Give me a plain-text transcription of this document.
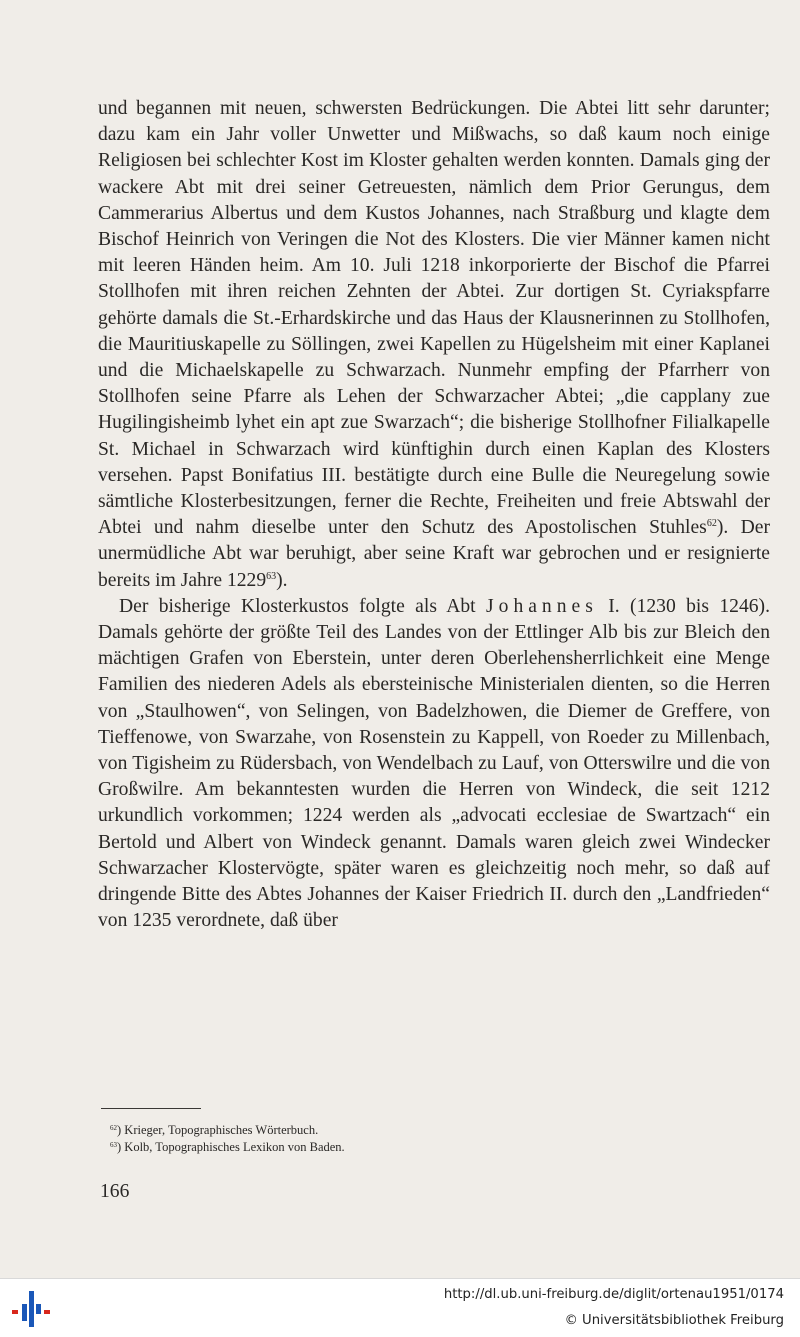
und begannen mit neuen, schwersten Bedrückungen. Die Abtei litt sehr darunter; dazu kam ein Jahr voller Unwetter und Mißwachs, so daß kaum noch einige Religiosen bei schlechter Kost im Kloster gehalten werden konnten. Damals ging der wackere Abt mit drei seiner Getreuesten, nämlich dem Prior Gerungus, dem Cammerarius Albertus und dem Kustos Johannes, nach Straßburg und klagte dem Bischof Heinrich von Veringen die Not des Klosters. Die vier Männer kamen nicht mit leeren Händen heim. Am 10. Juli 1218 inkorporierte der Bischof die Pfarrei Stollhofen mit ihren reichen Zehnten der Abtei. Zur dortigen St. Cyriakspfarre gehörte damals die St.-Erhardskirche und das Haus der Klausnerinnen zu Stollhofen, die Mauritiuskapelle zu Söllingen, zwei Kapellen zu Hügelsheim mit einer Kaplanei und die Michaelskapelle zu Schwarzach. Nunmehr empfing der Pfarrherr von Stollhofen seine Pfarre als Lehen der Schwarzacher Abtei; „die capplany zue Hugilingisheimb lyhet ein apt zue Swarzach“; die bisherige Stollhofner Filialkapelle St. Michael in Schwarzach wird künftighin durch einen Kaplan des Klosters versehen. Papst Bonifatius III. bestätigte durch eine Bulle die Neuregelung sowie sämtliche Klosterbesitzungen, ferner die Rechte, Freiheiten und freie Abtswahl der Abtei und nahm dieselbe unter den Schutz des Apostolischen Stuhles$^{62}$). Der unermüdliche Abt war beruhigt, aber seine Kraft war gebrochen und er resignierte bereits im Jahre 1229$^{63}$).

Der bisherige Klosterkustos folgte als Abt Johannes I. (1230 bis 1246). Damals gehörte der größte Teil des Landes von der Ettlinger Alb bis zur Bleich den mächtigen Grafen von Eberstein, unter deren Oberlehensherrlichkeit eine Menge Familien des niederen Adels als ebersteinische Ministerialen dienten, so die Herren von „Staulhowen“, von Selingen, von Badelzhowen, die Diemer de Greffere, von Tieffenowe, von Swarzahe, von Rosenstein zu Kappell, von Roeder zu Millenbach, von Tigisheim zu Rüdersbach, von Wendelbach zu Lauf, von Otterswilre und die von Großwilre. Am bekanntesten wurden die Herren von Windeck, die seit 1212 urkundlich vorkommen; 1224 werden als „advocati ecclesiae de Swartzach“ ein Bertold und Albert von Windeck genannt. Damals waren gleich zwei Windecker Schwarzacher Klostervögte, später waren es gleichzeitig noch mehr, so daß auf dringende Bitte des Abtes Johannes der Kaiser Friedrich II. durch den „Landfrieden“ von 1235 verordnete, daß über

$^{62}$) Krieger, Topographisches Wörterbuch.
$^{63}$) Kolb, Topographisches Lexikon von Baden.
166
http://dl.ub.uni-freiburg.de/diglit/ortenau1951/0174
© Universitätsbibliothek Freiburg
